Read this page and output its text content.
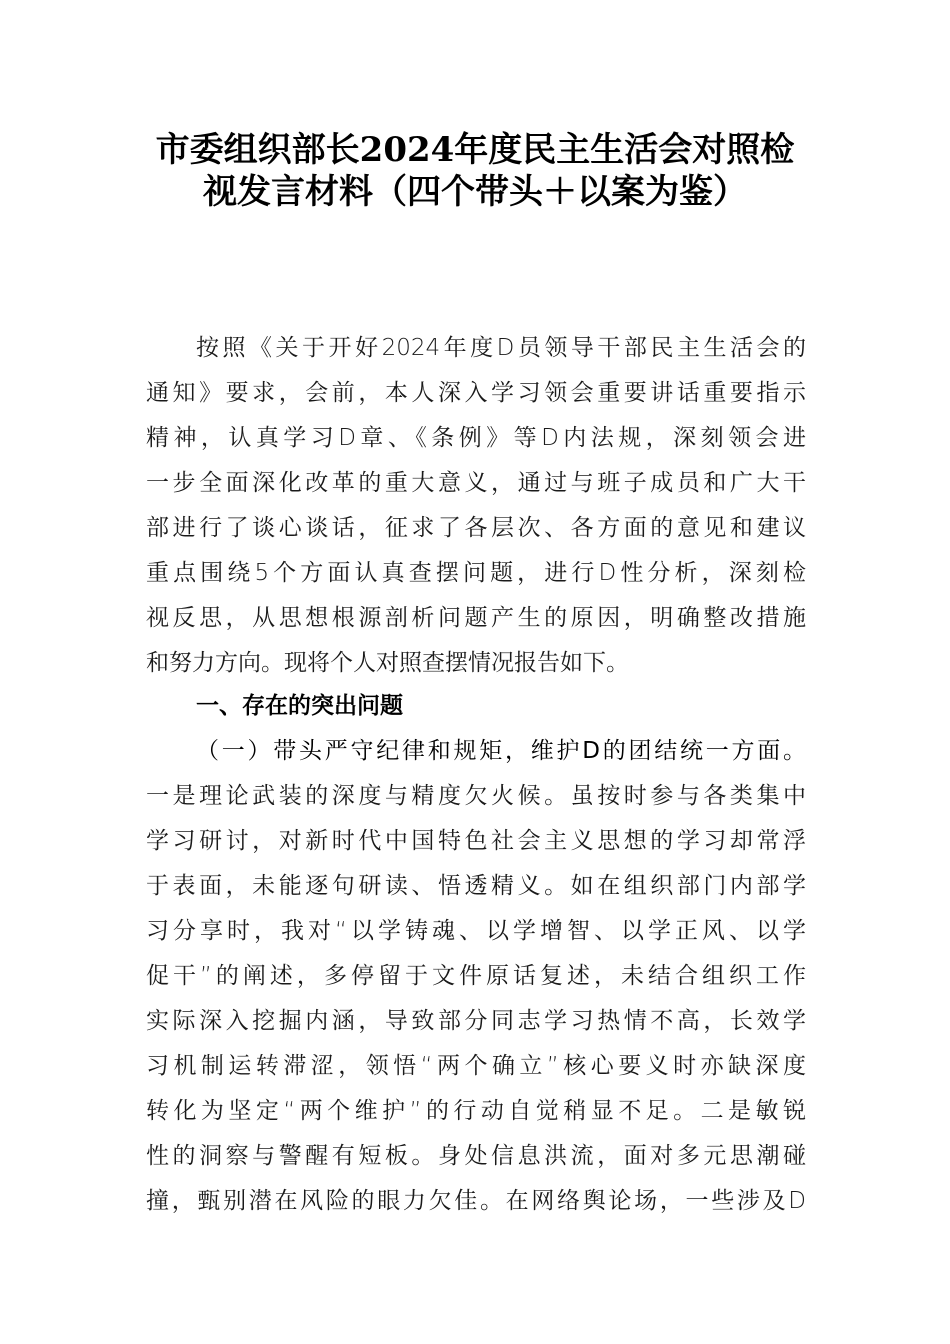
市委组织部长2024年度民主生活会对照检
视发言材料（四个带头＋以案为鉴）
按照《关于开好2024年度D员领导干部民主生活会的
通知》要求，会前，本人深入学习领会重要讲话重要指示
精神，认真学习D章、《条例》等D内法规，深刻领会进
一步全面深化改革的重大意义，通过与班子成员和广大干
部进行了谈心谈话，征求了各层次、各方面的意见和建议
重点围绕5个方面认真查摆问题，进行D性分析，深刻检
视反思，从思想根源剖析问题产生的原因，明确整改措施
和努力方向。现将个人对照查摆情况报告如下。
一、存在的突出问题
（一）带头严守纪律和规矩，维护D的团结统一方面。
一是理论武装的深度与精度欠火候。虽按时参与各类集中
学习研讨，对新时代中国特色社会主义思想的学习却常浮
于表面，未能逐句研读、悟透精义。如在组织部门内部学
习分享时，我对“以学铸魂、以学增智、以学正风、以学
促干”的阐述，多停留于文件原话复述，未结合组织工作
实际深入挖掘内涵，导致部分同志学习热情不高，长效学
习机制运转滞涩，领悟“两个确立”核心要义时亦缺深度
转化为坚定“两个维护”的行动自觉稍显不足。二是敏锐
性的洞察与警醒有短板。身处信息洪流，面对多元思潮碰
撞，甄别潜在风险的眼力欠佳。在网络舆论场，一些涉及D
